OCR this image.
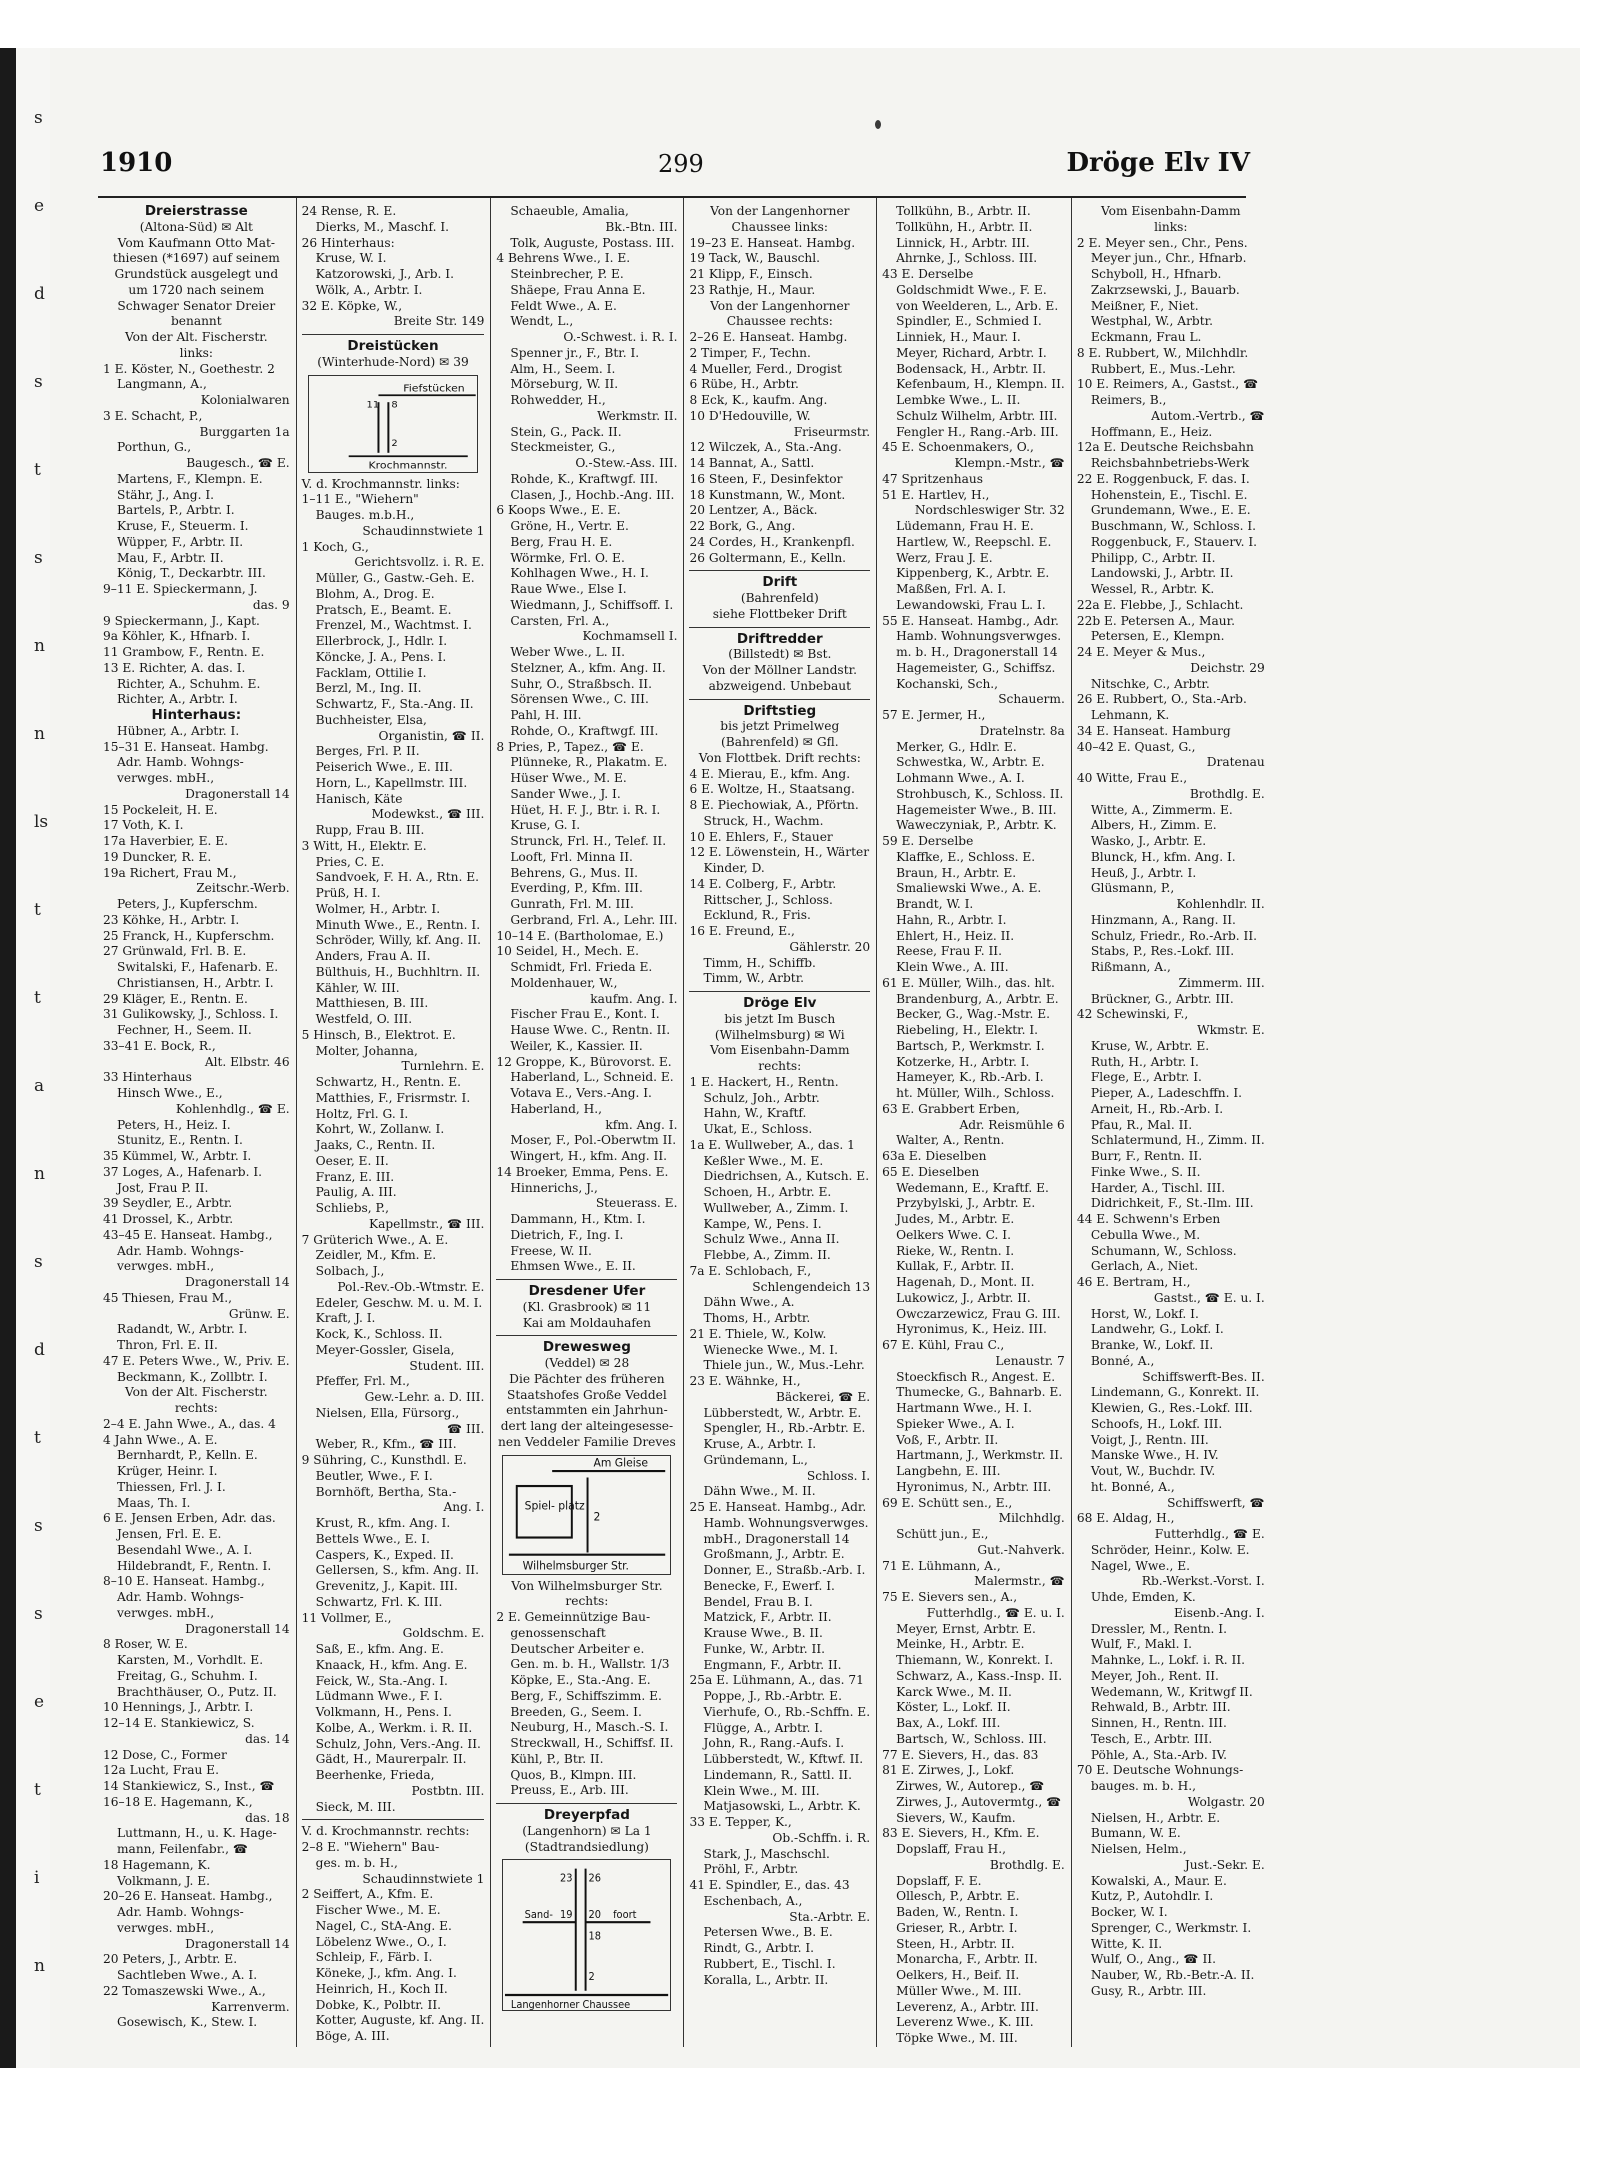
s
e
d
s
t
s
n
n
ls
t
t
a
n
s
d
t
s
s
e
t
i
n
1910	299	Dröge Elv IV
Dreierstrasse
(Altona-Süd) ✉ Alt
Vom Kaufmann Otto Mat-
thiesen (*1697) auf seinem
Grundstück ausgelegt und
um 1720 nach seinem
Schwager Senator Dreier
benannt
Von der Alt. Fischerstr.
links:
1 E. Köster, N., Goethestr. 2
Langmann, A.,
Kolonialwaren
3 E. Schacht, P.,
Burggarten 1a
Porthun, G.,
Baugesch., ☎ E.
Martens, F., Klempn. E.
Stähr, J., Ang. I.
Bartels, P., Arbtr. I.
Kruse, F., Steuerm. I.
Wüpper, F., Arbtr. II.
Mau, F., Arbtr. II.
König, T., Deckarbtr. III.
9–11 E. Spieckermann, J.
das. 9
9 Spieckermann, J., Kapt.
9a Köhler, K., Hfnarb. I.
11 Grambow, F., Rentn. E.
13 E. Richter, A. das. I.
Richter, A., Schuhm. E.
Richter, A., Arbtr. I.
Hinterhaus:
Hübner, A., Arbtr. I.
15–31 E. Hanseat. Hambg.
Adr. Hamb. Wohngs-
verwges. mbH.,
Dragonerstall 14
15 Pockeleit, H. E.
17 Voth, K. I.
17a Haverbier, E. E.
19 Duncker, R. E.
19a Richert, Frau M.,
Zeitschr.-Werb.
Peters, J., Kupferschm.
23 Köhke, H., Arbtr. I.
25 Franck, H., Kupferschm.
27 Grünwald, Frl. B. E.
Switalski, F., Hafenarb. E.
Christiansen, H., Arbtr. I.
29 Kläger, E., Rentn. E.
31 Gulikowsky, J., Schloss. I.
Fechner, H., Seem. II.
33–41 E. Bock, R.,
Alt. Elbstr. 46
33 Hinterhaus
Hinsch Wwe., E.,
Kohlenhdlg., ☎ E.
Peters, H., Heiz. I.
Stunitz, E., Rentn. I.
35 Kümmel, W., Arbtr. I.
37 Loges, A., Hafenarb. I.
Jost, Frau P. II.
39 Seydler, E., Arbtr.
41 Drossel, K., Arbtr.
43–45 E. Hanseat. Hambg.,
Adr. Hamb. Wohngs-
verwges. mbH.,
Dragonerstall 14
45 Thiesen, Frau M.,
Grünw. E.
Radandt, W., Arbtr. I.
Thron, Frl. E. II.
47 E. Peters Wwe., W., Priv. E.
Beckmann, K., Zollbtr. I.
Von der Alt. Fischerstr.
rechts:
2–4 E. Jahn Wwe., A., das. 4
4 Jahn Wwe., A. E.
Bernhardt, P., Kelln. E.
Krüger, Heinr. I.
Thiessen, Frl. J. I.
Maas, Th. I.
6 E. Jensen Erben, Adr. das.
Jensen, Frl. E. E.
Besendahl Wwe., A. I.
Hildebrandt, F., Rentn. I.
8–10 E. Hanseat. Hambg.,
Adr. Hamb. Wohngs-
verwges. mbH.,
Dragonerstall 14
8 Roser, W. E.
Karsten, M., Vorhdlt. E.
Freitag, G., Schuhm. I.
Brachthäuser, O., Putz. II.
10 Hennings, J., Arbtr. I.
12–14 E. Stankiewicz, S.
das. 14
12 Dose, C., Former
12a Lucht, Frau E.
14 Stankiewicz, S., Inst., ☎
16–18 E. Hagemann, K.,
das. 18
Luttmann, H., u. K. Hage-
mann, Feilenfabr., ☎
18 Hagemann, K.
Volkmann, J. E.
20–26 E. Hanseat. Hambg.,
Adr. Hamb. Wohngs-
verwges. mbH.,
Dragonerstall 14
20 Peters, J., Arbtr. E.
Sachtleben Wwe., A. I.
22 Tomaszewski Wwe., A.,
Karrenverm.
Gosewisch, K., Stew. I.
24 Rense, R. E.
Dierks, M., Maschf. I.
26 Hinterhaus:
Kruse, W. I.
Katzorowski, J., Arb. I.
Wölk, A., Arbtr. I.
32 E. Köpke, W.,
Breite Str. 149
Dreistücken
(Winterhude-Nord) ✉ 39
Fiefstücken
11 8
2
Krochmannstr.
V. d. Krochmannstr. links:
1–11 E., "Wiehern"
Bauges. m.b.H.,
Schaudinnstwiete 1
1 Koch, G.,
Gerichtsvollz. i. R. E.
Müller, G., Gastw.-Geh. E.
Blohm, A., Drog. E.
Pratsch, E., Beamt. E.
Frenzel, M., Wachtmst. I.
Ellerbrock, J., Hdlr. I.
Köncke, J. A., Pens. I.
Facklam, Ottilie I.
Berzl, M., Ing. II.
Schwartz, F., Sta.-Ang. II.
Buchheister, Elsa,
Organistin, ☎ II.
Berges, Frl. P. II.
Peiserich Wwe., E. III.
Horn, L., Kapellmstr. III.
Hanisch, Käte
Modewkst., ☎ III.
Rupp, Frau B. III.
3 Witt, H., Elektr. E.
Pries, C. E.
Sandvoek, F. H. A., Rtn. E.
Prüß, H. I.
Wolmer, H., Arbtr. I.
Minuth Wwe., E., Rentn. I.
Schröder, Willy, kf. Ang. II.
Anders, Frau A. II.
Bülthuis, H., Buchhltrn. II.
Kähler, W. III.
Matthiesen, B. III.
Westfeld, O. III.
5 Hinsch, B., Elektrot. E.
Molter, Johanna,
Turnlehrn. E.
Schwartz, H., Rentn. E.
Matthies, F., Frisrmstr. I.
Holtz, Frl. G. I.
Kohrt, W., Zollanw. I.
Jaaks, C., Rentn. II.
Oeser, E. II.
Franz, E. III.
Paulig, A. III.
Schliebs, P.,
Kapellmstr., ☎ III.
7 Grüterich Wwe., A. E.
Zeidler, M., Kfm. E.
Solbach, J.,
Pol.-Rev.-Ob.-Wtmstr. E.
Edeler, Geschw. M. u. M. I.
Kraft, J. I.
Kock, K., Schloss. II.
Meyer-Gossler, Gisela,
Student. III.
Pfeffer, Frl. M.,
Gew.-Lehr. a. D. III.
Nielsen, Ella, Fürsorg.,
☎ III.
Weber, R., Kfm., ☎ III.
9 Sühring, C., Kunsthdl. E.
Beutler, Wwe., F. I.
Bornhöft, Bertha, Sta.-
Ang. I.
Krust, R., kfm. Ang. I.
Bettels Wwe., E. I.
Caspers, K., Exped. II.
Gellersen, S., kfm. Ang. II.
Grevenitz, J., Kapit. III.
Schwartz, Frl. K. III.
11 Vollmer, E.,
Goldschm. E.
Saß, E., kfm. Ang. E.
Knaack, H., kfm. Ang. E.
Feick, W., Sta.-Ang. I.
Lüdmann Wwe., F. I.
Volkmann, H., Pens. I.
Kolbe, A., Werkm. i. R. II.
Schulz, John, Vers.-Ang. II.
Gädt, H., Maurerpalr. II.
Beerhenke, Frieda,
Postbtn. III.
Sieck, M. III.
V. d. Krochmannstr. rechts:
2–8 E. "Wiehern" Bau-
ges. m. b. H.,
Schaudinnstwiete 1
2 Seiffert, A., Kfm. E.
Fischer Wwe., M. E.
Nagel, C., StA-Ang. E.
Löbelenz Wwe., O., I.
Schleip, F., Färb. I.
Köneke, J., kfm. Ang. I.
Heinrich, H., Koch II.
Dobke, K., Polbtr. II.
Kotter, Auguste, kf. Ang. II.
Böge, A. III.
Schaeuble, Amalia,
Bk.-Btn. III.
Tolk, Auguste, Postass. III.
4 Behrens Wwe., I. E.
Steinbrecher, P. E.
Shäepe, Frau Anna E.
Feldt Wwe., A. E.
Wendt, L.,
O.-Schwest. i. R. I.
Spenner jr., F., Btr. I.
Alm, H., Seem. I.
Mörseburg, W. II.
Rohwedder, H.,
Werkmstr. II.
Stein, G., Pack. II.
Steckmeister, G.,
O.-Stew.-Ass. III.
Rohde, K., Kraftwgf. III.
Clasen, J., Hochb.-Ang. III.
6 Koops Wwe., E. E.
Gröne, H., Vertr. E.
Berg, Frau H. E.
Wörmke, Frl. O. E.
Kohlhagen Wwe., H. I.
Raue Wwe., Else I.
Wiedmann, J., Schiffsoff. I.
Carsten, Frl. A.,
Kochmamsell I.
Weber Wwe., L. II.
Stelzner, A., kfm. Ang. II.
Suhr, O., Straßbsch. II.
Sörensen Wwe., C. III.
Pahl, H. III.
Rohde, O., Kraftwgf. III.
8 Pries, P., Tapez., ☎ E.
Plünneke, R., Plakatm. E.
Hüser Wwe., M. E.
Sander Wwe., J. I.
Hüet, H. F. J., Btr. i. R. I.
Kruse, G. I.
Strunck, Frl. H., Telef. II.
Looft, Frl. Minna II.
Behrens, G., Mus. II.
Everding, P., Kfm. III.
Gunrath, Frl. M. III.
Gerbrand, Frl. A., Lehr. III.
10–14 E. (Bartholomae, E.)
10 Seidel, H., Mech. E.
Schmidt, Frl. Frieda E.
Moldenhauer, W.,
kaufm. Ang. I.
Fischer Frau E., Kont. I.
Hause Wwe. C., Rentn. II.
Weiler, K., Kassier. II.
12 Groppe, K., Bürovorst. E.
Haberland, L., Schneid. E.
Votava E., Vers.-Ang. I.
Haberland, H.,
kfm. Ang. I.
Moser, F., Pol.-Oberwtm II.
Wingert, H., kfm. Ang. II.
14 Broeker, Emma, Pens. E.
Hinnerichs, J.,
Steuerass. E.
Dammann, H., Ktm. I.
Dietrich, F., Ing. I.
Freese, W. II.
Ehmsen Wwe., E. II.
Dresdener Ufer
(Kl. Grasbrook) ✉ 11
Kai am Moldauhafen
Drewesweg
(Veddel) ✉ 28
Die Pächter des früheren
Staatshofes Große Veddel
entstammten ein Jahrhun-
dert lang der alteingesesse-
nen Veddeler Familie Dreves
Am Gleise
Spiel- platz
2
Wilhelmsburger Str.
Von Wilhelmsburger Str.
rechts:
2 E. Gemeinnützige Bau-
genossenschaft
Deutscher Arbeiter e.
Gen. m. b. H., Wallstr. 1/3
Köpke, E., Sta.-Ang. E.
Berg, F., Schiffszimm. E.
Breeden, G., Seem. I.
Neuburg, H., Masch.-S. I.
Streckwall, H., Schiffsf. II.
Kühl, P., Btr. II.
Quos, B., Klmpn. III.
Preuss, E., Arb. III.
Dreyerpfad
(Langenhorn) ✉ La 1
(Stadtrandsiedlung)
23 26
Sand- 19 20 foort
18
2
Langenhorner Chaussee
Von der Langenhorner
Chaussee links:
19–23 E. Hanseat. Hambg.
19 Tack, W., Bauschl.
21 Klipp, F., Einsch.
23 Rathje, H., Maur.
Von der Langenhorner
Chaussee rechts:
2–26 E. Hanseat. Hambg.
2 Timper, F., Techn.
4 Mueller, Ferd., Drogist
6 Rübe, H., Arbtr.
8 Eck, K., kaufm. Ang.
10 D'Hedouville, W.
Friseurmstr.
12 Wilczek, A., Sta.-Ang.
14 Bannat, A., Sattl.
16 Steen, F., Desinfektor
18 Kunstmann, W., Mont.
20 Lentzer, A., Bäck.
22 Bork, G., Ang.
24 Cordes, H., Krankenpfl.
26 Goltermann, E., Kelln.
Drift
(Bahrenfeld)
siehe Flottbeker Drift
Driftredder
(Billstedt) ✉ Bst.
Von der Möllner Landstr.
abzweigend. Unbebaut
Driftstieg
bis jetzt Primelweg
(Bahrenfeld) ✉ Gfl.
Von Flottbek. Drift rechts:
4 E. Mierau, E., kfm. Ang.
6 E. Woltze, H., Staatsang.
8 E. Piechowiak, A., Pförtn.
Struck, H., Wachm.
10 E. Ehlers, F., Stauer
12 E. Löwenstein, H., Wärter
Kinder, D.
14 E. Colberg, F., Arbtr.
Rittscher, J., Schloss.
Ecklund, R., Fris.
16 E. Freund, E.,
Gählerstr. 20
Timm, H., Schiffb.
Timm, W., Arbtr.
Dröge Elv
bis jetzt Im Busch
(Wilhelmsburg) ✉ Wi
Vom Eisenbahn-Damm
rechts:
1 E. Hackert, H., Rentn.
Schulz, Joh., Arbtr.
Hahn, W., Kraftf.
Ukat, E., Schloss.
1a E. Wullweber, A., das. 1
Keßler Wwe., M. E.
Diedrichsen, A., Kutsch. E.
Schoen, H., Arbtr. E.
Wullweber, A., Zimm. I.
Kampe, W., Pens. I.
Schulz Wwe., Anna II.
Flebbe, A., Zimm. II.
7a E. Schlobach, F.,
Schlengendeich 13
Dähn Wwe., A.
Thoms, H., Arbtr.
21 E. Thiele, W., Kolw.
Wienecke Wwe., M. I.
Thiele jun., W., Mus.-Lehr.
23 E. Wähnke, H.,
Bäckerei, ☎ E.
Lübberstedt, W., Arbtr. E.
Spengler, H., Rb.-Arbtr. E.
Kruse, A., Arbtr. I.
Gründemann, L.,
Schloss. I.
Dähn Wwe., M. II.
25 E. Hanseat. Hambg., Adr.
Hamb. Wohnungsverwges.
mbH., Dragonerstall 14
Großmann, J., Arbtr. E.
Donner, E., Straßb.-Arb. I.
Benecke, F., Ewerf. I.
Bendel, Frau B. I.
Matzick, F., Arbtr. II.
Krause Wwe., B. II.
Funke, W., Arbtr. II.
Engmann, F., Arbtr. II.
25a E. Lühmann, A., das. 71
Poppe, J., Rb.-Arbtr. E.
Vierhufe, O., Rb.-Schffn. E.
Flügge, A., Arbtr. I.
John, R., Rang.-Aufs. I.
Lübberstedt, W., Kftwf. II.
Lindemann, R., Sattl. II.
Klein Wwe., M. III.
Matjasowski, L., Arbtr. K.
33 E. Tepper, K.,
Ob.-Schffn. i. R.
Stark, J., Maschschl.
Pröhl, F., Arbtr.
41 E. Spindler, E., das. 43
Eschenbach, A.,
Sta.-Arbtr. E.
Petersen Wwe., B. E.
Rindt, G., Arbtr. I.
Rubbert, E., Tischl. I.
Koralla, L., Arbtr. II.
Tollkühn, B., Arbtr. II.
Tollkühn, H., Arbtr. II.
Linnick, H., Arbtr. III.
Ahrnke, J., Schloss. III.
43 E. Derselbe
Goldschmidt Wwe., F. E.
von Weelderen, L., Arb. E.
Spindler, E., Schmied I.
Linniek, H., Maur. I.
Meyer, Richard, Arbtr. I.
Bodensack, H., Arbtr. II.
Kefenbaum, H., Klempn. II.
Lembke Wwe., L. II.
Schulz Wilhelm, Arbtr. III.
Fengler H., Rang.-Arb. III.
45 E. Schoenmakers, O.,
Klempn.-Mstr., ☎
47 Spritzenhaus
51 E. Hartlev, H.,
Nordschleswiger Str. 32
Lüdemann, Frau H. E.
Hartlew, W., Reepschl. E.
Werz, Frau J. E.
Kippenberg, K., Arbtr. E.
Maßßen, Frl. A. I.
Lewandowski, Frau L. I.
55 E. Hanseat. Hambg., Adr.
Hamb. Wohnungsverwges.
m. b. H., Dragonerstall 14
Hagemeister, G., Schiffsz.
Kochanski, Sch.,
Schauerm.
57 E. Jermer, H.,
Dratelnstr. 8a
Merker, G., Hdlr. E.
Schwestka, W., Arbtr. E.
Lohmann Wwe., A. I.
Strohbusch, K., Schloss. II.
Hagemeister Wwe., B. III.
Waweczyniak, P., Arbtr. K.
59 E. Derselbe
Klaffke, E., Schloss. E.
Braun, H., Arbtr. E.
Smaliewski Wwe., A. E.
Brandt, W. I.
Hahn, R., Arbtr. I.
Ehlert, H., Heiz. II.
Reese, Frau F. II.
Klein Wwe., A. III.
61 E. Müller, Wilh., das. hlt.
Brandenburg, A., Arbtr. E.
Becker, G., Wag.-Mstr. E.
Riebeling, H., Elektr. I.
Bartsch, P., Werkmstr. I.
Kotzerke, H., Arbtr. I.
Hameyer, K., Rb.-Arb. I.
ht. Müller, Wilh., Schloss.
63 E. Grabbert Erben,
Adr. Reismühle 6
Walter, A., Rentn.
63a E. Dieselben
65 E. Dieselben
Wedemann, E., Kraftf. E.
Przybylski, J., Arbtr. E.
Judes, M., Arbtr. E.
Oelkers Wwe. C. I.
Rieke, W., Rentn. I.
Kullak, F., Arbtr. II.
Hagenah, D., Mont. II.
Lukowicz, J., Arbtr. II.
Owczarzewicz, Frau G. III.
Hyronimus, K., Heiz. III.
67 E. Kühl, Frau C.,
Lenaustr. 7
Stoeckfisch R., Angest. E.
Thumecke, G., Bahnarb. E.
Hartmann Wwe., H. I.
Spieker Wwe., A. I.
Voß, F., Arbtr. II.
Hartmann, J., Werkmstr. II.
Langbehn, E. III.
Hyronimus, N., Arbtr. III.
69 E. Schütt sen., E.,
Milchhdlg.
Schütt jun., E.,
Gut.-Nahverk.
71 E. Lühmann, A.,
Malermstr., ☎
75 E. Sievers sen., A.,
Futterhdlg., ☎ E. u. I.
Meyer, Ernst, Arbtr. E.
Meinke, H., Arbtr. E.
Thiemann, W., Konrekt. I.
Schwarz, A., Kass.-Insp. II.
Karck Wwe., M. II.
Köster, L., Lokf. II.
Bax, A., Lokf. III.
Bartsch, W., Schloss. III.
77 E. Sievers, H., das. 83
81 E. Zirwes, J., Lokf.
Zirwes, W., Autorep., ☎
Zirwes, J., Autovermtg., ☎
Sievers, W., Kaufm.
83 E. Sievers, H., Kfm. E.
Dopslaff, Frau H.,
Brothdlg. E.
Dopslaff, F. E.
Ollesch, P., Arbtr. E.
Baden, W., Rentn. I.
Grieser, R., Arbtr. I.
Steen, H., Arbtr. II.
Monarcha, F., Arbtr. II.
Oelkers, H., Beif. II.
Müller Wwe., M. III.
Leverenz, A., Arbtr. III.
Leverenz Wwe., K. III.
Töpke Wwe., M. III.
Vom Eisenbahn-Damm
links:
2 E. Meyer sen., Chr., Pens.
Meyer jun., Chr., Hfnarb.
Schyboll, H., Hfnarb.
Zakrzsewski, J., Bauarb.
Meißner, F., Niet.
Westphal, W., Arbtr.
Eckmann, Frau L.
8 E. Rubbert, W., Milchhdlr.
Rubbert, E., Mus.-Lehr.
10 E. Reimers, A., Gastst., ☎
Reimers, B.,
Autom.-Vertrb., ☎
Hoffmann, E., Heiz.
12a E. Deutsche Reichsbahn
Reichsbahnbetriebs-Werk
22 E. Roggenbuck, F. das. I.
Hohenstein, E., Tischl. E.
Grundemann, Wwe., E. E.
Buschmann, W., Schloss. I.
Roggenbuck, F., Stauerv. I.
Philipp, C., Arbtr. II.
Landowski, J., Arbtr. II.
Wessel, R., Arbtr. K.
22a E. Flebbe, J., Schlacht.
22b E. Petersen A., Maur.
Petersen, E., Klempn.
24 E. Meyer & Mus.,
Deichstr. 29
Nitschke, C., Arbtr.
26 E. Rubbert, O., Sta.-Arb.
Lehmann, K.
34 E. Hanseat. Hamburg
40–42 E. Quast, G.,
Dratenau
40 Witte, Frau E.,
Brothdlg. E.
Witte, A., Zimmerm. E.
Albers, H., Zimm. E.
Wasko, J., Arbtr. E.
Blunck, H., kfm. Ang. I.
Heuß, J., Arbtr. I.
Glüsmann, P.,
Kohlenhdlr. II.
Hinzmann, A., Rang. II.
Schulz, Friedr., Ro.-Arb. II.
Stabs, P., Res.-Lokf. III.
Rißmann, A.,
Zimmerm. III.
Brückner, G., Arbtr. III.
42 Schewinski, F.,
Wkmstr. E.
Kruse, W., Arbtr. E.
Ruth, H., Arbtr. I.
Flege, E., Arbtr. I.
Pieper, A., Ladeschffn. I.
Arneit, H., Rb.-Arb. I.
Pfau, R., Mal. II.
Schlatermund, H., Zimm. II.
Burr, F., Rentn. II.
Finke Wwe., S. II.
Harder, A., Tischl. III.
Didrichkeit, F., St.-Ilm. III.
44 E. Schwenn's Erben
Cebulla Wwe., M.
Schumann, W., Schloss.
Gerlach, A., Niet.
46 E. Bertram, H.,
Gastst., ☎ E. u. I.
Horst, W., Lokf. I.
Landwehr, G., Lokf. I.
Branke, W., Lokf. II.
Bonné, A.,
Schiffswerft-Bes. II.
Lindemann, G., Konrekt. II.
Klewien, G., Res.-Lokf. III.
Schoofs, H., Lokf. III.
Voigt, J., Rentn. III.
Manske Wwe., H. IV.
Vout, W., Buchdr. IV.
ht. Bonné, A.,
Schiffswerft, ☎
68 E. Aldag, H.,
Futterhdlg., ☎ E.
Schröder, Heinr., Kolw. E.
Nagel, Wwe., E.
Rb.-Werkst.-Vorst. I.
Uhde, Emden, K.
Eisenb.-Ang. I.
Dressler, M., Rentn. I.
Wulf, F., Makl. I.
Mahnke, L., Lokf. i. R. II.
Meyer, Joh., Rent. II.
Wedemann, W., Kritwgf II.
Rehwald, B., Arbtr. III.
Sinnen, H., Rentn. III.
Tesch, E., Arbtr. III.
Pöhle, A., Sta.-Arb. IV.
70 E. Deutsche Wohnungs-
bauges. m. b. H.,
Wolgastr. 20
Nielsen, H., Arbtr. E.
Bumann, W. E.
Nielsen, Helm.,
Just.-Sekr. E.
Kowalski, A., Maur. E.
Kutz, P., Autohdlr. I.
Bocker, W. I.
Sprenger, C., Werkmstr. I.
Witte, K. II.
Wulf, O., Ang., ☎ II.
Nauber, W., Rb.-Betr.-A. II.
Gusy, R., Arbtr. III.
